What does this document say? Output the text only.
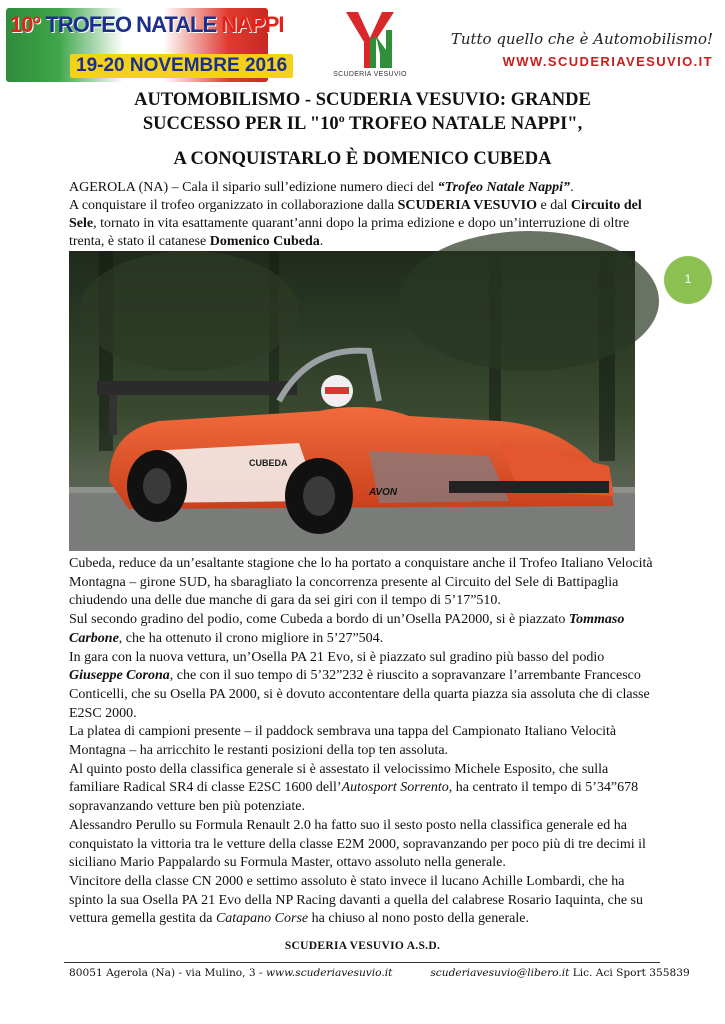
10° TROFEO NATALE NAPPI
19-20 NOVEMBRE 2016	SCUDERIA VESUVIO
Tutto quello che è Automobilismo!
WWW.SCUDERIAVESUVIO.IT
AUTOMOBILISMO - SCUDERIA VESUVIO: GRANDE
SUCCESSO PER IL "10º TROFEO NATALE NAPPI",
A CONQUISTARLO È DOMENICO CUBEDA
AGEROLA (NA) – Cala il sipario sull’edizione numero dieci del “Trofeo Natale Nappi”.
A conquistare il trofeo organizzato in collaborazione dalla SCUDERIA VESUVIO e dal Circuito del Sele, tornato in vita esattamente quarant’anni dopo la prima edizione e dopo un’interruzione di oltre trenta, è stato il catanese Domenico Cubeda.
CUBEDA
AVON
1

Cubeda, reduce da un’esaltante stagione che lo ha portato a conquistare anche il Trofeo Italiano Velocità Montagna – girone SUD, ha sbaragliato la concorrenza presente al Circuito del Sele di Battipaglia chiudendo una delle due manche di gara da sei giri con il tempo di 5’17”510.

Sul secondo gradino del podio, come Cubeda a bordo di un’Osella PA2000, si è piazzato Tommaso Carbone, che ha ottenuto il crono migliore in 5’27”504.

In gara con la nuova vettura, un’Osella PA 21 Evo, si è piazzato sul gradino più basso del podio Giuseppe Corona, che con il suo tempo di 5’32”232 è riuscito a sopravanzare l’arrembante Francesco Conticelli, che su Osella PA 2000, si è dovuto accontentare della quarta piazza sia assoluta che di classe E2SC 2000.

La platea di campioni presente – il paddock sembrava una tappa del Campionato Italiano Velocità Montagna – ha arricchito le restanti posizioni della top ten assoluta.

Al quinto posto della classifica generale si è assestato il velocissimo Michele Esposito, che sulla familiare Radical SR4 di classe E2SC 1600 dell’Autosport Sorrento, ha centrato il tempo di 5’34”678 sopravanzando vetture ben più potenziate.

Alessandro Perullo su Formula Renault 2.0 ha fatto suo il sesto posto nella classifica generale ed ha conquistato la vittoria tra le vetture della classe E2M 2000, sopravanzando per poco più di tre decimi il siciliano Mario Pappalardo su Formula Master, ottavo assoluto nella generale.

Vincitore della classe CN 2000 e settimo assoluto è stato invece il lucano Achille Lombardi, che ha spinto la sua Osella PA 21 Evo della NP Racing davanti a quella del calabrese Rosario Iaquinta, che su vettura gemella gestita da Catapano Corse ha chiuso al nono posto della generale.

SCUDERIA VESUVIO A.S.D.
80051 Agerola (Na) - via Mulino, 3 - www.scuderiavesuvio.it	scuderiavesuvio@libero.it Lic. Aci Sport 355839
